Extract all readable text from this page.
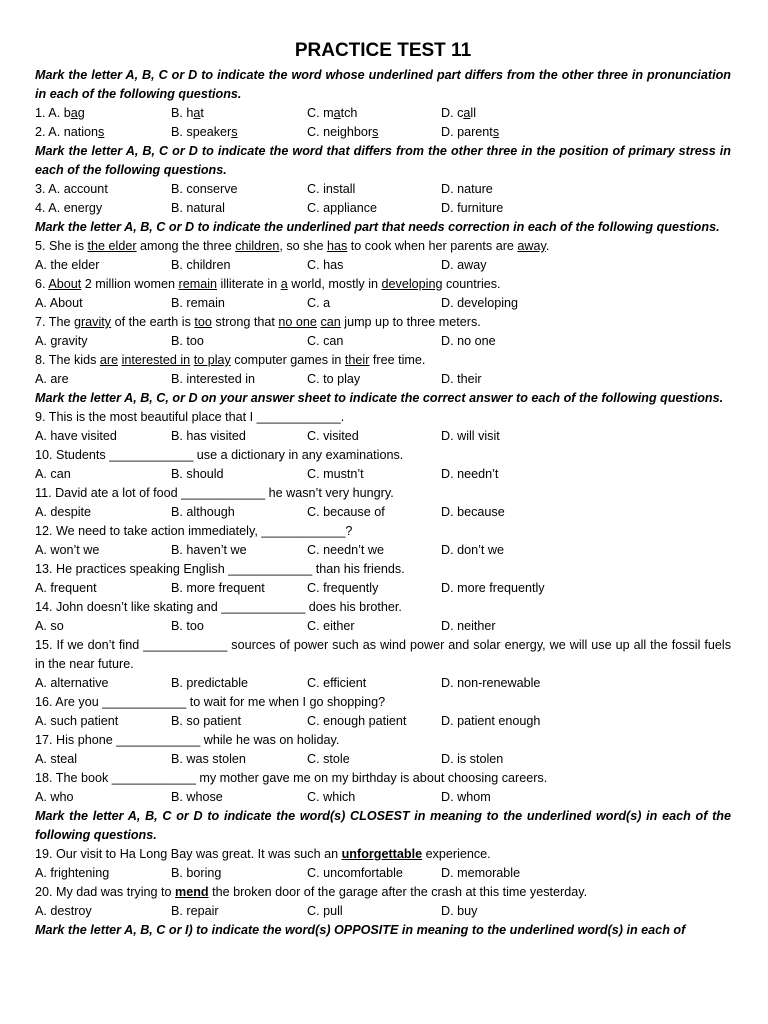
PRACTICE TEST 11
Mark the letter A, B, C or D to indicate the word whose underlined part differs from the other three in pronunciation in each of the following questions.
1. A. bag	B. hat	C. match	D. call
2. A. nations	B. speakers	C. neighbors	D. parents
Mark the letter A, B, C or D to indicate the word that differs from the other three in the position of primary stress in each of the following questions.
3. A. account	B. conserve	C. install	D. nature
4. A. energy	B. natural	C. appliance	D. furniture
Mark the letter A, B, C or D to indicate the underlined part that needs correction in each of the following questions.
5. She is the elder among the three children, so she has to cook when her parents are away.
A. the elder	B. children	C. has	D. away
6. About 2 million women remain illiterate in a world, mostly in developing countries.
A. About	B. remain	C. a	D. developing
7. The gravity of the earth is too strong that no one can jump up to three meters.
A. gravity	B. too	C. can	D. no one
8. The kids are interested in to play computer games in their free time.
A. are	B. interested in	C. to play	D. their
Mark the letter A, B, C, or D on your answer sheet to indicate the correct answer to each of the following questions.
9. This is the most beautiful place that I ____________.
A. have visited	B. has visited	C. visited	D. will visit
10. Students ____________ use a dictionary in any examinations.
A. can	B. should	C. mustn’t	D. needn’t
11. David ate a lot of food ____________ he wasn’t very hungry.
A. despite	B. although	C. because of	D. because
12. We need to take action immediately, ____________?
A. won’t we	B. haven’t we	C. needn’t we	D. don’t we
13. He practices speaking English ____________ than his friends.
A. frequent	B. more frequent	C. frequently	D. more frequently
14. John doesn’t like skating and ____________ does his brother.
A. so	B. too	C. either	D. neither
15. If we don’t find ____________ sources of power such as wind power and solar energy, we will use up all the fossil fuels in the near future.
A. alternative	B. predictable	C. efficient	D. non-renewable
16. Are you ____________ to wait for me when I go shopping?
A. such patient	B. so patient	C. enough patient	D. patient enough
17. His phone ____________ while he was on holiday.
A. steal	B. was stolen	C. stole	D. is stolen
18. The book ____________ my mother gave me on my birthday is about choosing careers.
A. who	B. whose	C. which	D. whom
Mark the letter A, B, C or D to indicate the word(s) CLOSEST in meaning to the underlined word(s) in each of the following questions.
19. Our visit to Ha Long Bay was great. It was such an unforgettable experience.
A. frightening	B. boring	C. uncomfortable	D. memorable
20. My dad was trying to mend the broken door of the garage after the crash at this time yesterday.
A. destroy	B. repair	C. pull	D. buy
Mark the letter A, B, C or I) to indicate the word(s) OPPOSITE in meaning to the underlined word(s) in each of
